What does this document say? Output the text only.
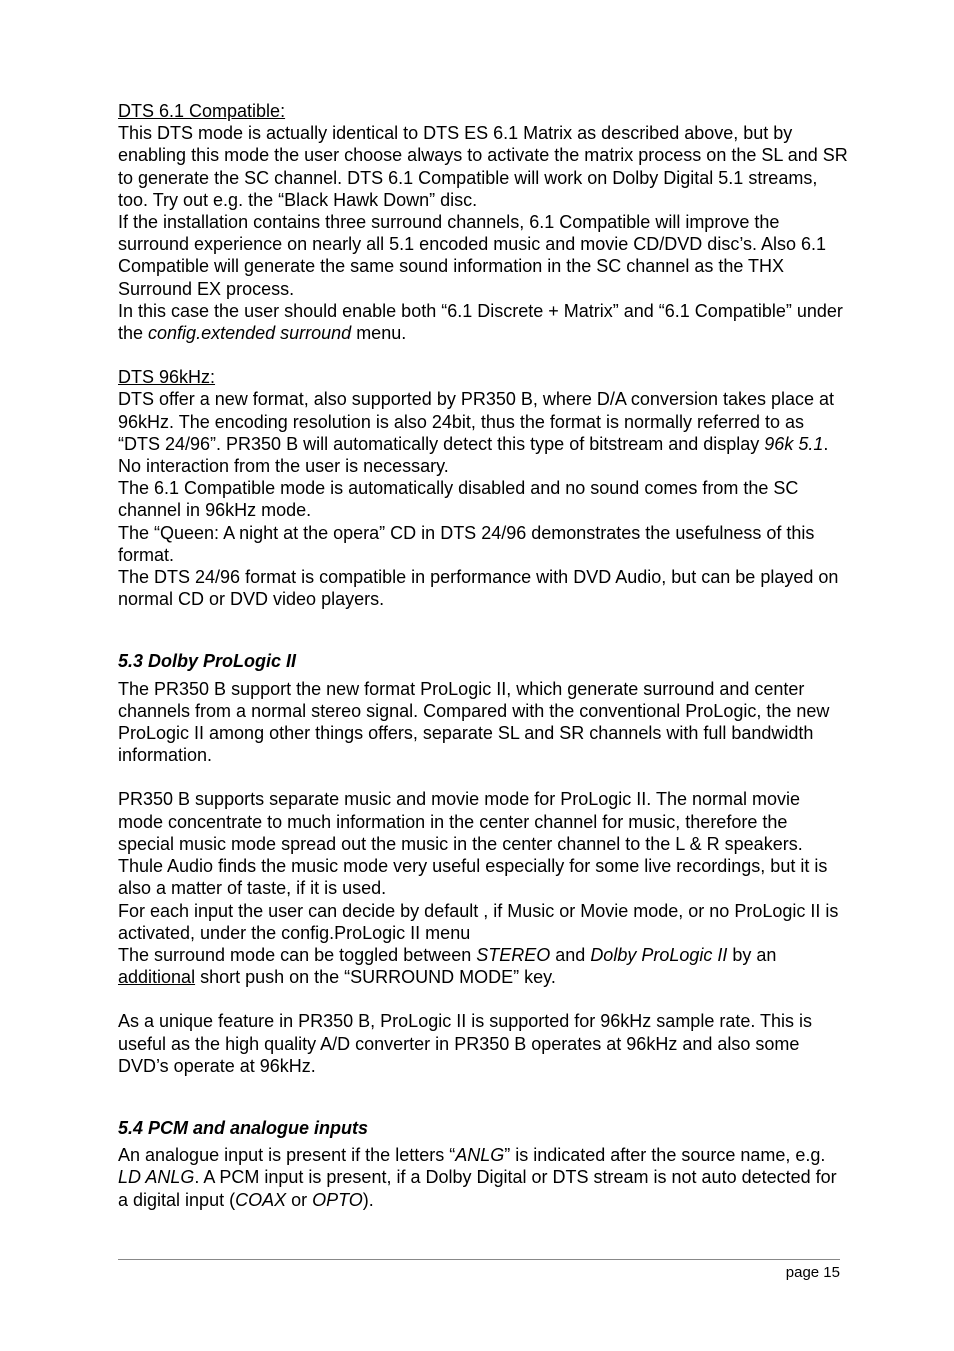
DTS 6.1 Compatible:

This DTS mode is actually identical to DTS ES 6.1 Matrix as described above, but by enabling this mode the user choose always to activate the matrix process on the SL and SR to generate the SC channel. DTS 6.1 Compatible will work on Dolby Digital 5.1 streams, too. Try out e.g. the “Black Hawk Down” disc.

If the installation contains three surround channels, 6.1 Compatible will improve the surround experience on nearly all 5.1 encoded music and movie CD/DVD disc’s. Also 6.1 Compatible will generate the same sound information in the SC channel as the THX Surround EX process.

In this case the user should enable both “6.1 Discrete + Matrix” and “6.1 Compatible” under the config.extended surround menu.

DTS 96kHz:

DTS offer a new format, also supported by PR350 B, where D/A conversion takes place at 96kHz. The encoding resolution is also 24bit, thus the format is normally referred to as “DTS 24/96”. PR350 B will automatically detect this type of bitstream and display 96k 5.1. No interaction from the user is necessary.

The 6.1 Compatible mode is automatically disabled and no sound comes from the SC channel in 96kHz mode.

The “Queen: A night at the opera” CD in DTS 24/96 demonstrates the usefulness of this format.

The DTS 24/96 format is compatible in performance with DVD Audio, but can be played on normal CD or DVD video players.

5.3 Dolby ProLogic II

The PR350 B support the new format ProLogic II, which generate surround and center channels from a normal stereo signal. Compared with the conventional ProLogic, the new ProLogic II among other things offers, separate SL and SR channels with full bandwidth information.

PR350 B supports separate music and movie mode for ProLogic II. The normal movie mode concentrate to much information in the center channel for music, therefore the special music mode spread out the music in the center channel to the L & R speakers.

Thule Audio finds the music mode very useful especially for some live recordings, but it is also a matter of taste, if it is used.

For each input the user can decide by default , if Music or Movie mode, or no ProLogic II is activated, under the config.ProLogic II menu

The surround mode can be toggled between STEREO and Dolby ProLogic II by an additional short push on the “SURROUND MODE” key.

As a unique feature in PR350 B, ProLogic II is supported for 96kHz sample rate. This is useful as the high quality A/D converter in PR350 B operates at 96kHz and also some DVD’s operate at 96kHz.

5.4 PCM and analogue inputs

An analogue input is present if the letters “ANLG” is indicated after the source name, e.g. LD ANLG. A PCM input is present, if a Dolby Digital or DTS stream is not auto detected for a digital input (COAX or OPTO).

page 15
